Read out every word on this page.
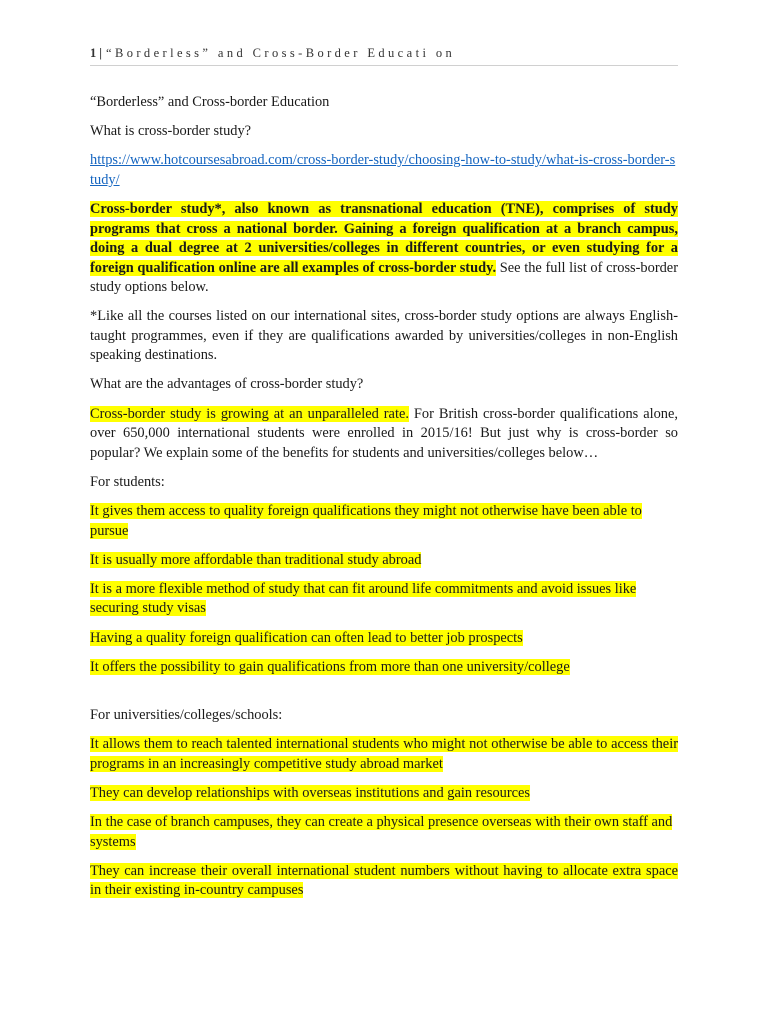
1 | “Borderless” and Cross-Border Educati on

“Borderless” and Cross-border Education

What is cross-border study?

https://www.hotcoursesabroad.com/cross-border-study/choosing-how-to-study/what-is-cross-border-study/

Cross-border study*, also known as transnational education (TNE), comprises of study programs that cross a national border. Gaining a foreign qualification at a branch campus, doing a dual degree at 2 universities/colleges in different countries, or even studying for a foreign qualification online are all examples of cross-border study. See the full list of cross-border study options below.

*Like all the courses listed on our international sites, cross-border study options are always English-taught programmes, even if they are qualifications awarded by universities/colleges in non-English speaking destinations.

What are the advantages of cross-border study?

Cross-border study is growing at an unparalleled rate. For British cross-border qualifications alone, over 650,000 international students were enrolled in 2015/16! But just why is cross-border so popular? We explain some of the benefits for students and universities/colleges below…

For students:

It gives them access to quality foreign qualifications they might not otherwise have been able to pursue

It is usually more affordable than traditional study abroad

It is a more flexible method of study that can fit around life commitments and avoid issues like securing study visas

Having a quality foreign qualification can often lead to better job prospects

It offers the possibility to gain qualifications from more than one university/college

For universities/colleges/schools:

It allows them to reach talented international students who might not otherwise be able to access their programs in an increasingly competitive study abroad market

They can develop relationships with overseas institutions and gain resources

In the case of branch campuses, they can create a physical presence overseas with their own staff and systems

They can increase their overall international student numbers without having to allocate extra space in their existing in-country campuses
